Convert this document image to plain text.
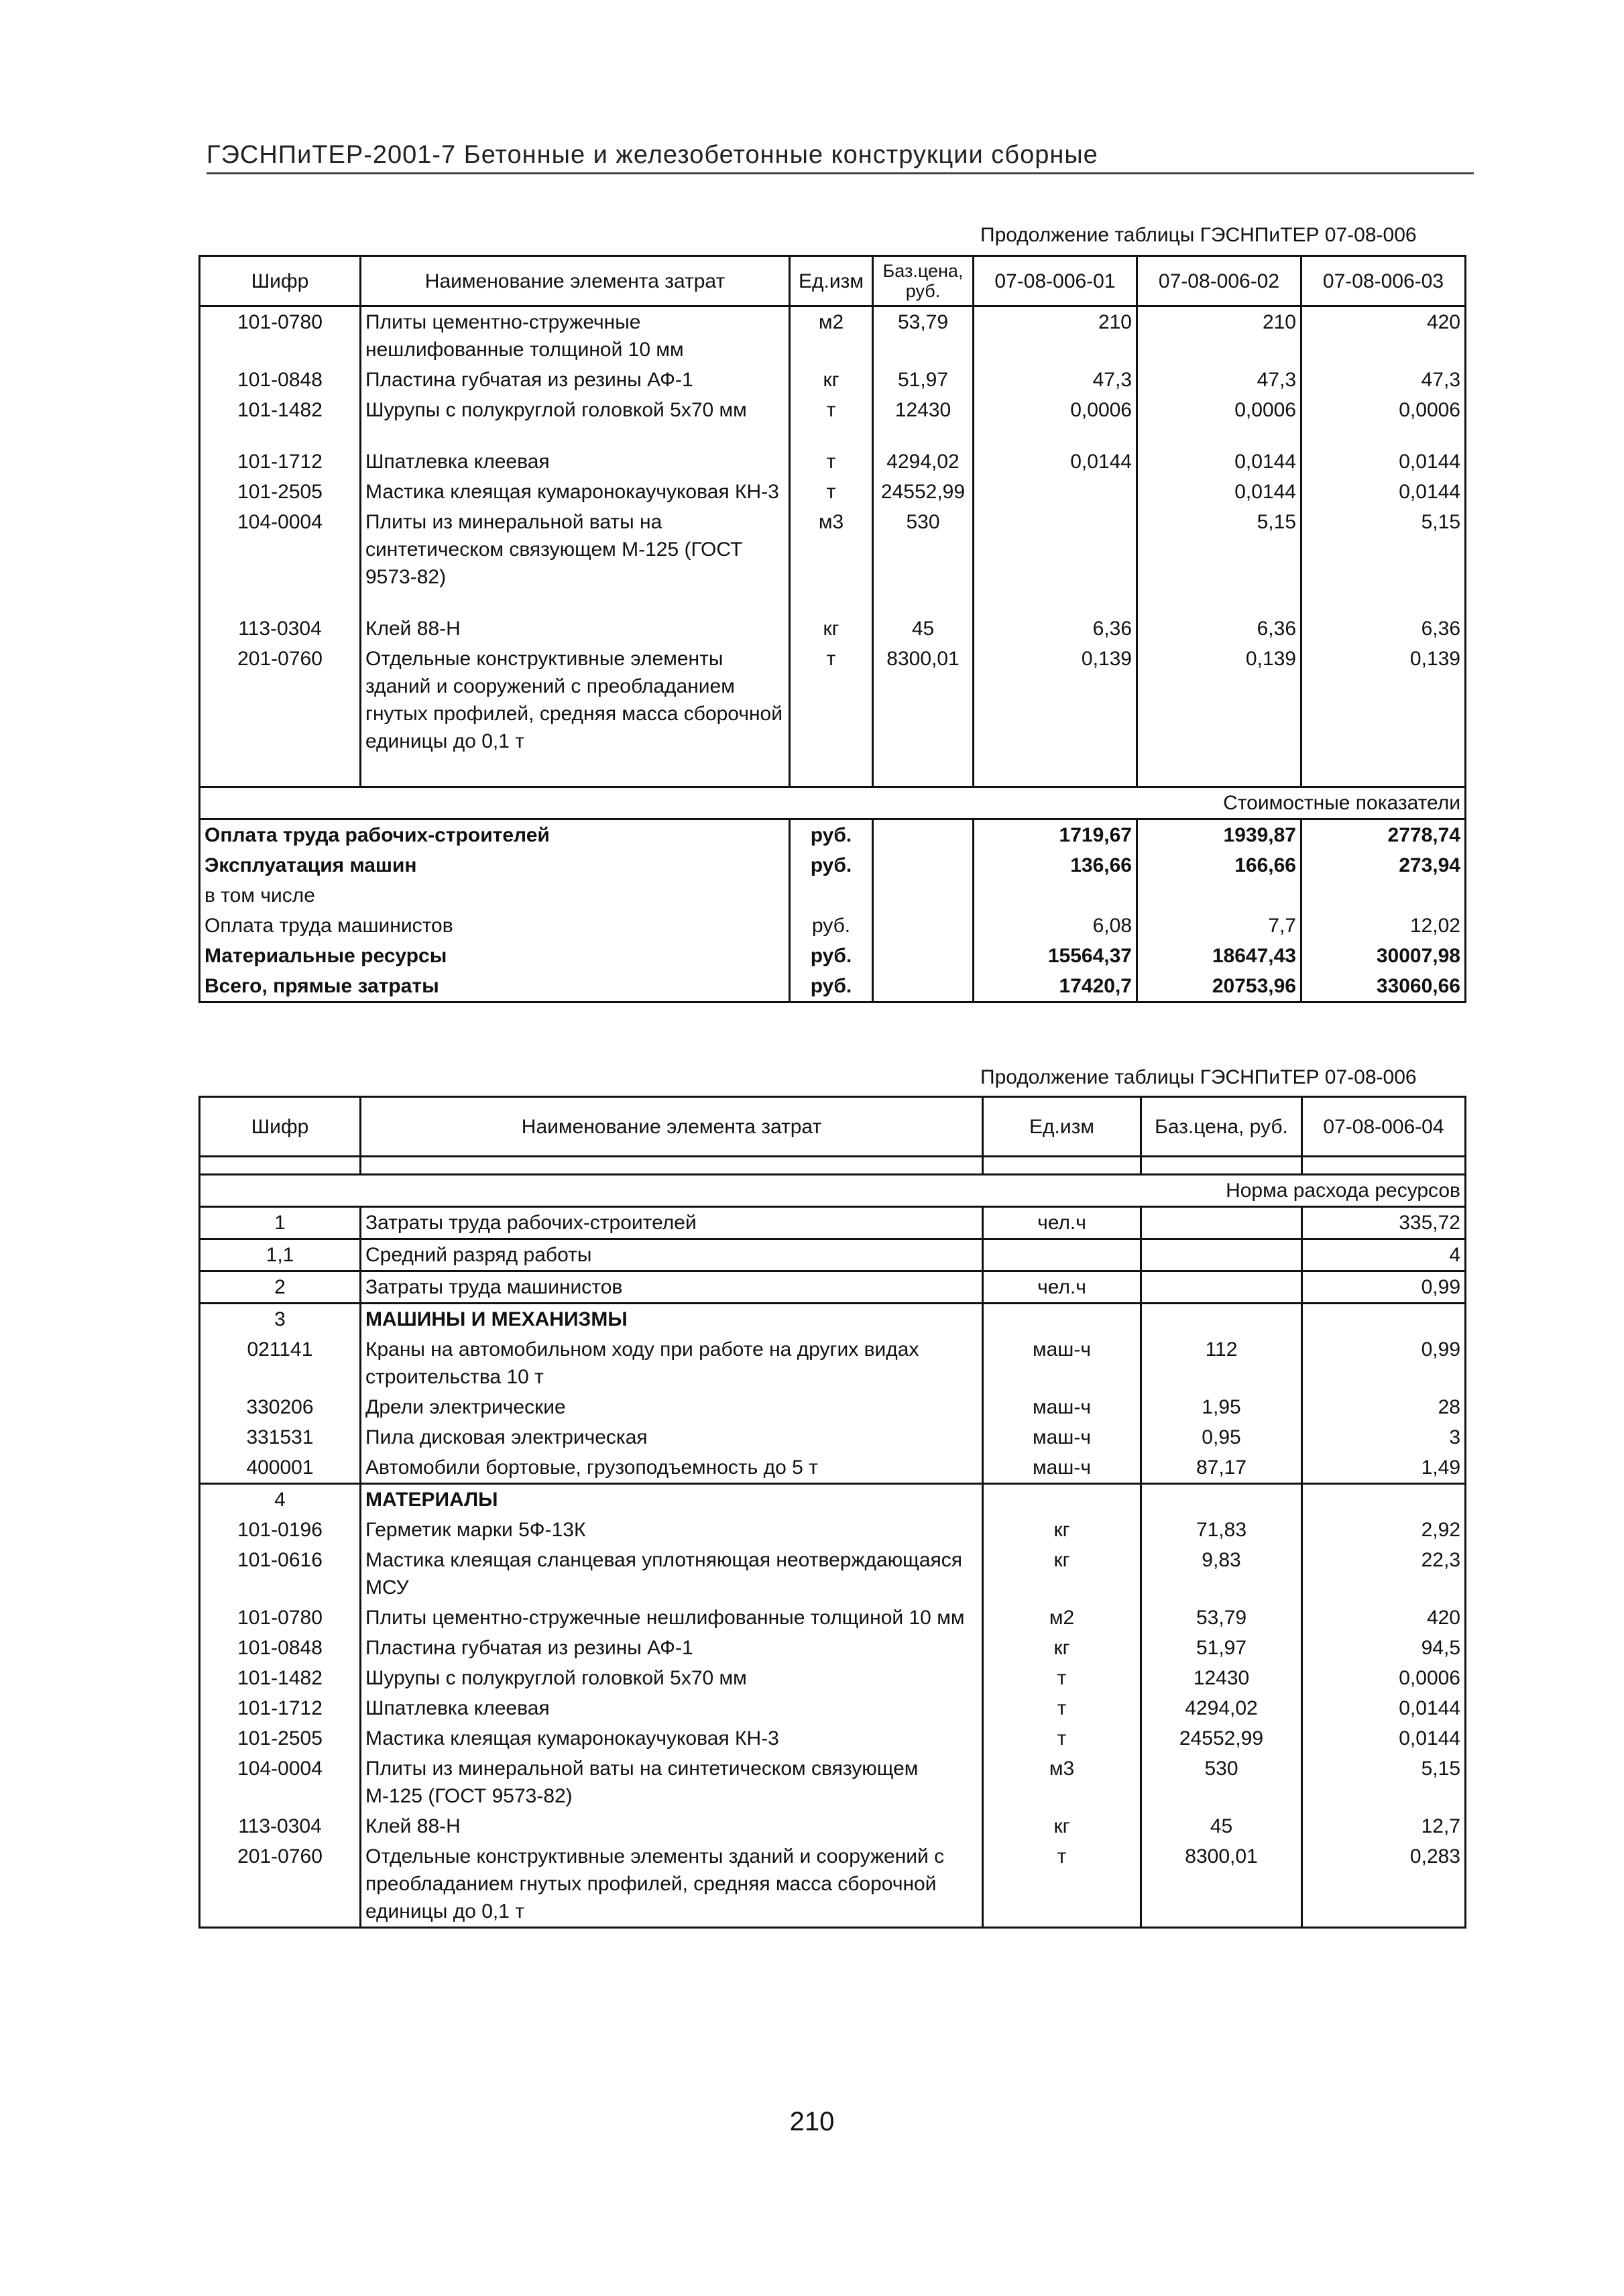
ГЭСНПиТЕР-2001-7 Бетонные и железобетонные конструкции сборные
Продолжение таблицы ГЭСНПиТЕР 07-08-006
Шифр	Наименование элемента затрат	Ед.изм	Баз.цена, руб.	07-08-006-01	07-08-006-02	07-08-006-03
101-0780	Плиты цементно-стружечные нешлифованные толщиной 10 мм	м2	53,79	210	210	420
101-0848	Пластина губчатая из резины АФ-1	кг	51,97	47,3	47,3	47,3
101-1482	Шурупы с полукруглой головкой 5х70 мм	т	12430	0,0006	0,0006	0,0006
101-1712	Шпатлевка клеевая	т	4294,02	0,0144	0,0144	0,0144
101-2505	Мастика клеящая кумаронокаучуковая КН-3	т	24552,99		0,0144	0,0144
104-0004	Плиты из минеральной ваты на синтетическом связующем М-125 (ГОСТ 9573-82)	м3	530		5,15	5,15
113-0304	Клей 88-Н	кг	45	6,36	6,36	6,36
201-0760	Отдельные конструктивные элементы зданий и сооружений с преобладанием гнутых профилей, средняя масса сборочной единицы до 0,1 т	т	8300,01	0,139	0,139	0,139

Стоимостные показатели						
Оплата труда рабочих-строителей		руб.		1719,67	1939,87	2778,74
Эксплуатация машин		руб.		136,66	166,66	273,94
в том числе						
Оплата труда машинистов		руб.		6,08	7,7	12,02
Материальные ресурсы		руб.		15564,37	18647,43	30007,98
Всего, прямые затраты		руб.		17420,7	20753,96	33060,66
Продолжение таблицы ГЭСНПиТЕР 07-08-006
Шифр	Наименование элемента затрат	Ед.изм	Баз.цена, руб.	07-08-006-04

Норма расхода ресурсов				
1	Затраты труда рабочих-строителей	чел.ч		335,72
1,1	Средний разряд работы			4
2	Затраты труда машинистов	чел.ч		0,99
3	МАШИНЫ И МЕХАНИЗМЫ			
021141	Краны на автомобильном ходу при работе на других видах строительства 10 т	маш-ч	112	0,99
330206	Дрели электрические	маш-ч	1,95	28
331531	Пила дисковая электрическая	маш-ч	0,95	3
400001	Автомобили бортовые, грузоподъемность до 5 т	маш-ч	87,17	1,49
4	МАТЕРИАЛЫ			
101-0196	Герметик марки 5Ф-13К	кг	71,83	2,92
101-0616	Мастика клеящая сланцевая уплотняющая неотверждающаяся МСУ	кг	9,83	22,3
101-0780	Плиты цементно-стружечные нешлифованные толщиной 10 мм	м2	53,79	420
101-0848	Пластина губчатая из резины АФ-1	кг	51,97	94,5
101-1482	Шурупы с полукруглой головкой 5х70 мм	т	12430	0,0006
101-1712	Шпатлевка клеевая	т	4294,02	0,0144
101-2505	Мастика клеящая кумаронокаучуковая КН-3	т	24552,99	0,0144
104-0004	Плиты из минеральной ваты на синтетическом связующем М-125 (ГОСТ 9573-82)	м3	530	5,15
113-0304	Клей 88-Н	кг	45	12,7
201-0760	Отдельные конструктивные элементы зданий и сооружений с преобладанием гнутых профилей, средняя масса сборочной единицы до 0,1 т	т	8300,01	0,283
210
